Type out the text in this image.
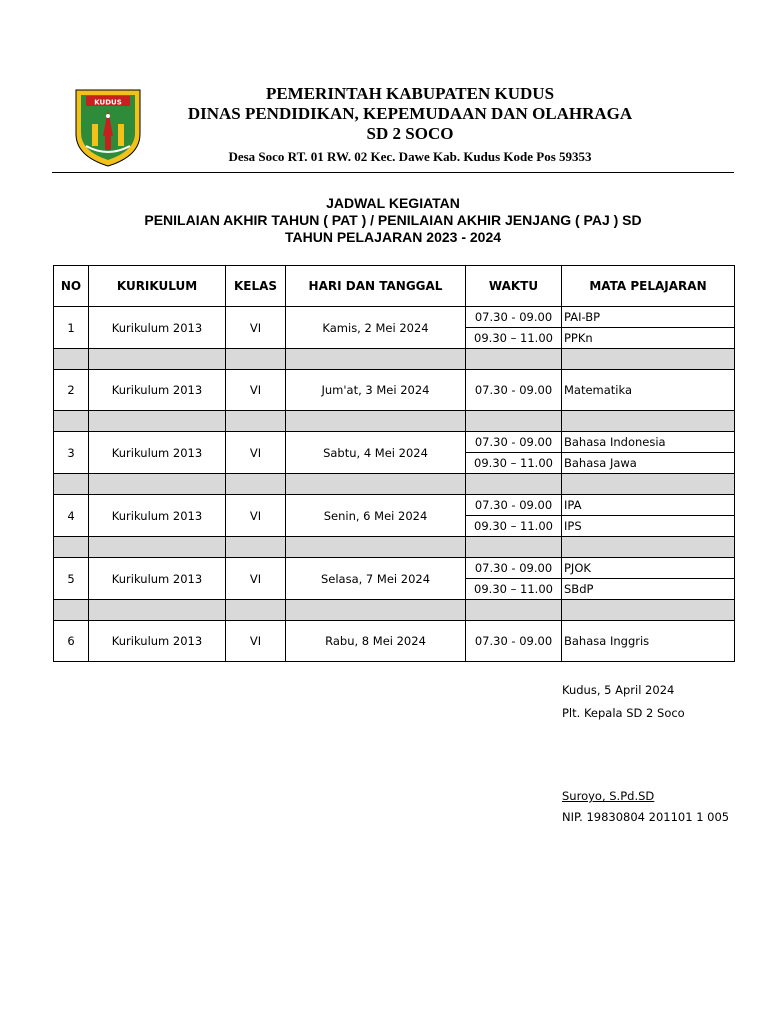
KUDUS	PEMERINTAH KABUPATEN KUDUS
DINAS PENDIDIKAN, KEPEMUDAAN DAN OLAHRAGA
SD 2 SOCO
Desa Soco RT. 01 RW. 02 Kec. Dawe Kab. Kudus Kode Pos 59353
JADWAL KEGIATAN
PENILAIAN AKHIR TAHUN ( PAT ) / PENILAIAN AKHIR JENJANG ( PAJ ) SD
TAHUN PELAJARAN 2023 - 2024
NO	KURIKULUM	KELAS	HARI DAN TANGGAL	WAKTU	MATA PELAJARAN
1	Kurikulum 2013	VI	Kamis, 2 Mei 2024	07.30 - 09.00	PAI-BP
				09.30 – 11.00	PPKn

2	Kurikulum 2013	VI	Jum'at, 3 Mei 2024	07.30 - 09.00	Matematika

3	Kurikulum 2013	VI	Sabtu, 4 Mei 2024	07.30 - 09.00	Bahasa Indonesia
				09.30 – 11.00	Bahasa Jawa

4	Kurikulum 2013	VI	Senin, 6 Mei 2024	07.30 - 09.00	IPA
				09.30 – 11.00	IPS

5	Kurikulum 2013	VI	Selasa, 7 Mei 2024	07.30 - 09.00	PJOK
				09.30 – 11.00	SBdP

6	Kurikulum 2013	VI	Rabu, 8 Mei 2024	07.30 - 09.00	Bahasa Inggris
Kudus, 5 April 2024
Plt. Kepala SD 2 Soco
Suroyo, S.Pd.SD
NIP. 19830804 201101 1 005
